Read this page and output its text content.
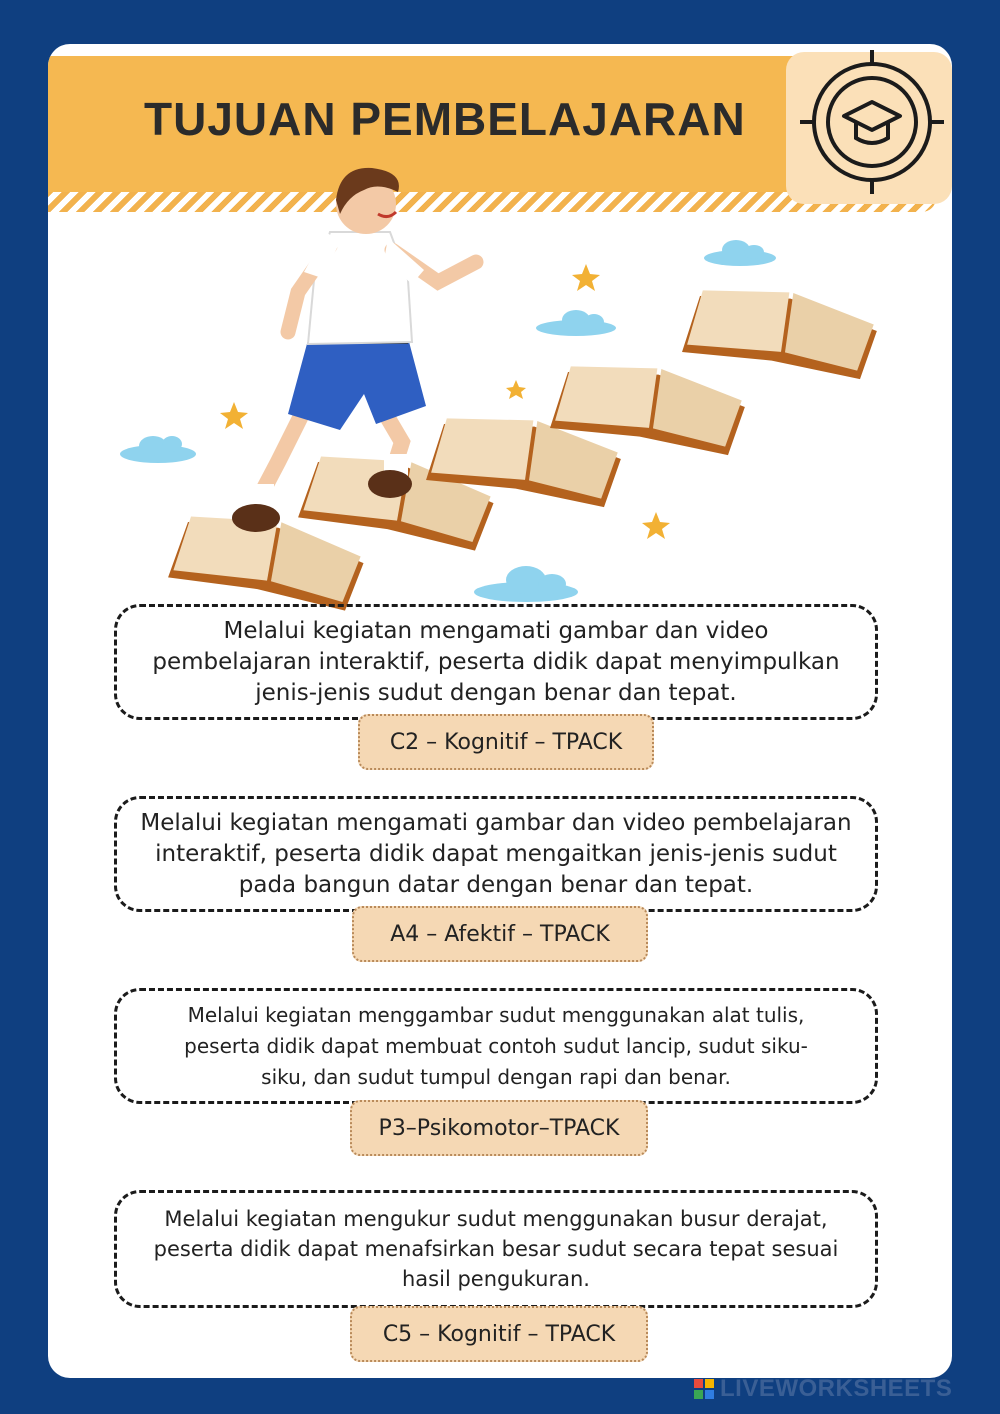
TUJUAN PEMBELAJARAN
Melalui kegiatan mengamati gambar dan video
pembelajaran interaktif, peserta didik dapat menyimpulkan
jenis-jenis sudut dengan benar dan tepat.
C2 – Kognitif – TPACK
Melalui kegiatan mengamati gambar dan video pembelajaran
interaktif, peserta didik dapat mengaitkan jenis-jenis sudut
pada bangun datar dengan benar dan tepat.
A4 – Afektif – TPACK
Melalui kegiatan menggambar sudut menggunakan alat tulis,
peserta didik dapat membuat contoh sudut lancip, sudut siku-
siku, dan sudut tumpul dengan rapi dan benar.
P3–Psikomotor–TPACK
Melalui kegiatan mengukur sudut menggunakan busur derajat,
peserta didik dapat menafsirkan besar sudut secara tepat sesuai
hasil pengukuran.
C5 – Kognitif – TPACK
LIVEWORKSHEETS
